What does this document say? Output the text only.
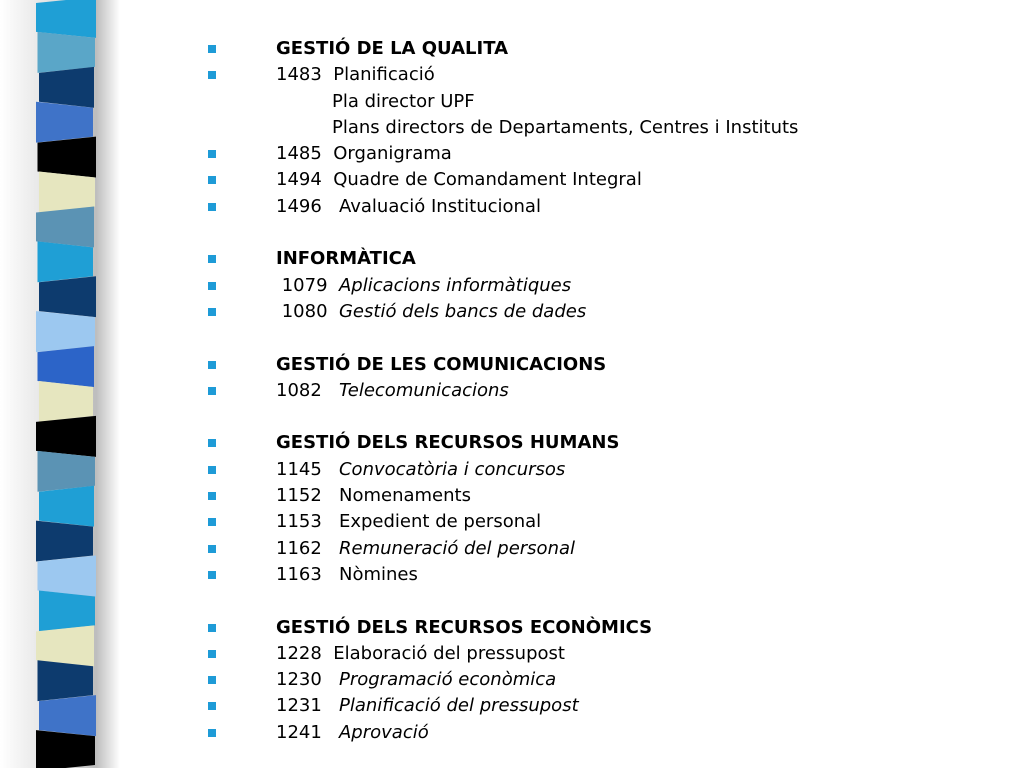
GESTIÓ DE LA QUALITA
1483 Planificació
Pla director UPF
Plans directors de Departaments, Centres i Instituts
1485 Organigrama
1494 Quadre de Comandament Integral
1496 Avaluació Institucional
INFORMÀTICA
1079 Aplicacions informàtiques
1080 Gestió dels bancs de dades
GESTIÓ DE LES COMUNICACIONS
1082 Telecomunicacions
GESTIÓ DELS RECURSOS HUMANS
1145 Convocatòria i concursos
1152 Nomenaments
1153 Expedient de personal
1162 Remuneració del personal
1163 Nòmines
GESTIÓ DELS RECURSOS ECONÒMICS
1228 Elaboració del pressupost
1230 Programació econòmica
1231 Planificació del pressupost
1241 Aprovació
